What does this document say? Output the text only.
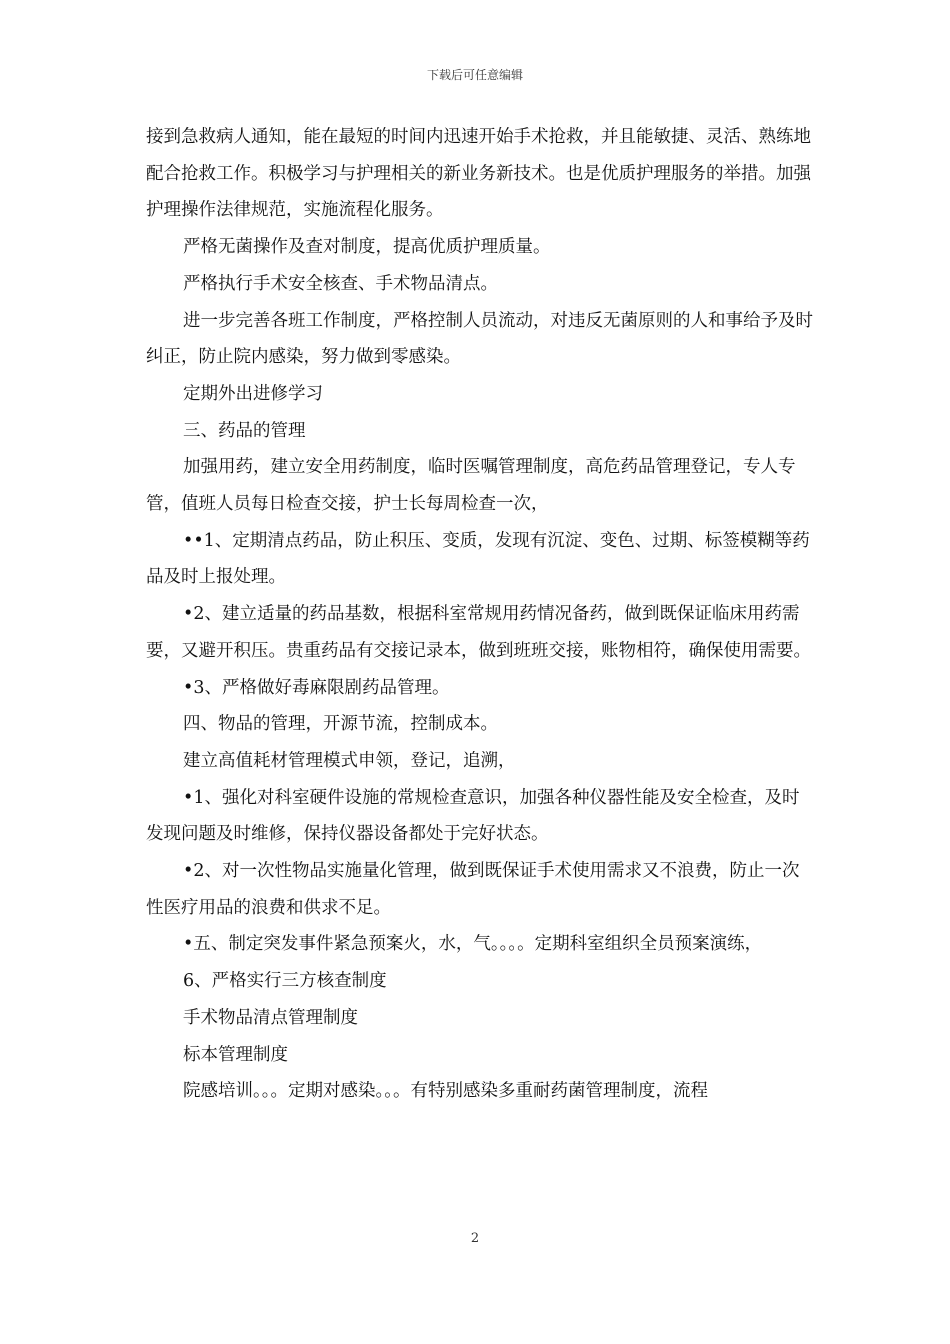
下载后可任意编辑

接到急救病人通知，能在最短的时间内迅速开始手术抢救，并且能敏捷、灵活、熟练地配合抢救工作。积极学习与护理相关的新业务新技术。也是优质护理服务的举措。加强护理操作法律规范，实施流程化服务。

严格无菌操作及查对制度，提高优质护理质量。

严格执行手术安全核查、手术物品清点。

进一步完善各班工作制度，严格控制人员流动，对违反无菌原则的人和事给予及时纠正，防止院内感染，努力做到零感染。

定期外出进修学习

三、药品的管理

加强用药，建立安全用药制度，临时医嘱管理制度，高危药品管理登记，专人专管，值班人员每日检查交接，护士长每周检查一次，

••1、定期清点药品，防止积压、变质，发现有沉淀、变色、过期、标签模糊等药品及时上报处理。

•2、建立适量的药品基数，根据科室常规用药情况备药，做到既保证临床用药需要，又避开积压。贵重药品有交接记录本，做到班班交接，账物相符，确保使用需要。

•3、严格做好毒麻限剧药品管理。

四、物品的管理，开源节流，控制成本。

建立高值耗材管理模式申领，登记，追溯，

•1、强化对科室硬件设施的常规检查意识，加强各种仪器性能及安全检查，及时发现问题及时维修，保持仪器设备都处于完好状态。

•2、对一次性物品实施量化管理，做到既保证手术使用需求又不浪费，防止一次性医疗用品的浪费和供求不足。

•五、制定突发事件紧急预案火，水，气。。。。定期科室组织全员预案演练，

6、严格实行三方核查制度

手术物品清点管理制度

标本管理制度

院感培训。。。定期对感染。。。有特别感染多重耐药菌管理制度，流程

2
